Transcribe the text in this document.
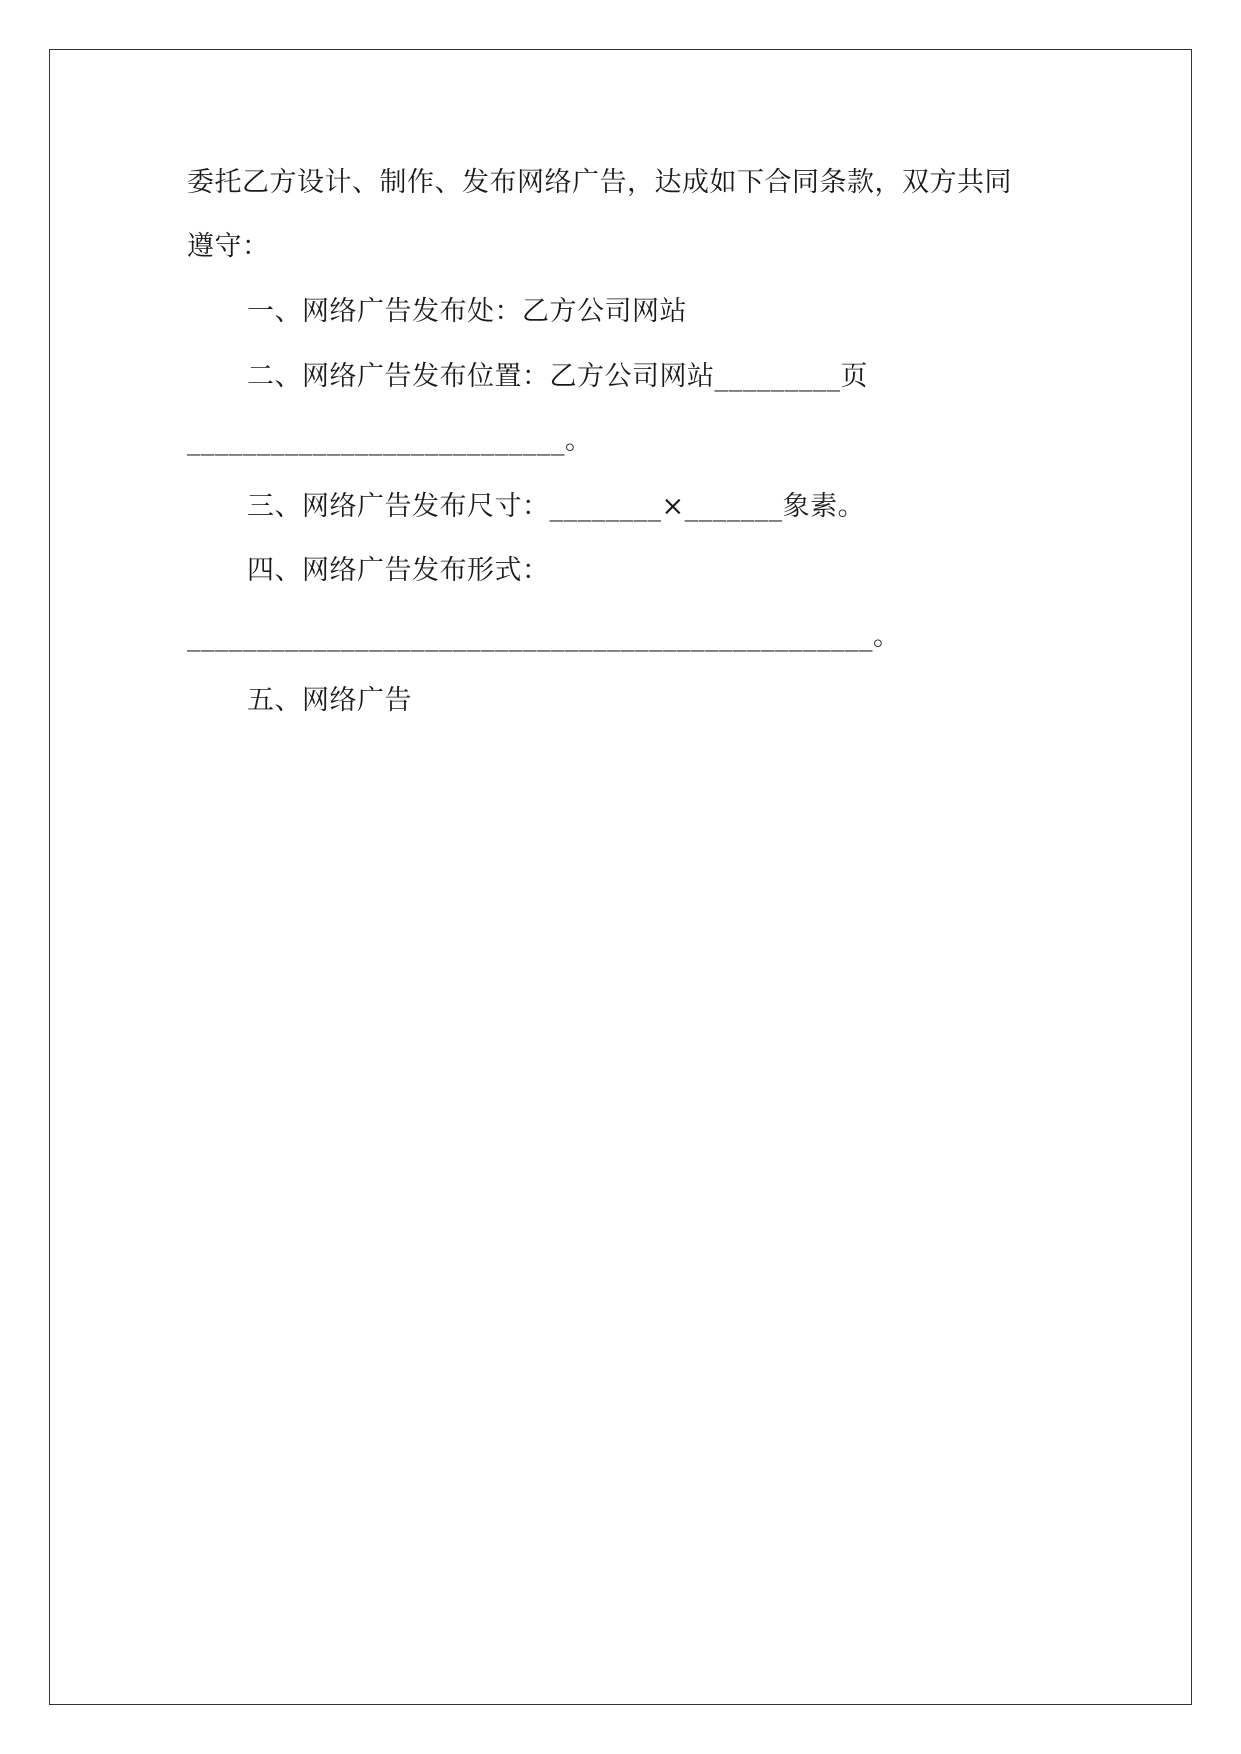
委托乙方设计、制作、发布网络广告，达成如下合同条款，双方共同
遵守：
一、网络广告发布处：乙方公司网站
二、网络广告发布位置：乙方公司网站_________页
___________________________。
三、网络广告发布尺寸：________×_______象素。
四、网络广告发布形式：
_________________________________________________。
五、网络广告
